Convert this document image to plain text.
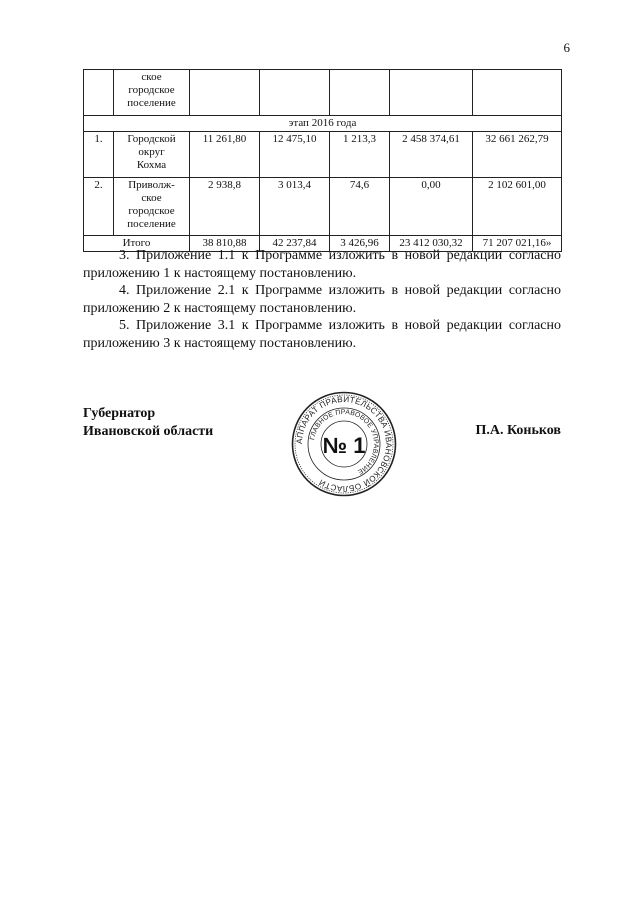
6
	ское
городское
поселение					
этап 2016 года						
1.	Городской
округ
Кохма	11 261,80	12 475,10	1 213,3	2 458 374,61	32 661 262,79
2.	Приволж-
ское
городское
поселение	2 938,8	3 013,4	74,6	0,00	2 102 601,00
Итого		38 810,88	42 237,84	3 426,96	23 412 030,32	71 207 021,16»

3. Приложение 1.1 к Программе изложить в новой редакции согласно приложению 1 к настоящему постановлению.

4. Приложение 2.1 к Программе изложить в новой редакции согласно приложению 2 к настоящему постановлению.

5. Приложение 3.1 к Программе изложить в новой редакции согласно приложению 3 к настоящему постановлению.

Губернатор
Ивановской области	П.А. Коньков
АППАРАТ ПРАВИТЕЛЬСТВА ИВАНОВСКОЙ ОБЛАСТИ
ГЛАВНОЕ ПРАВОВОЕ УПРАВЛЕНИЕ
№ 1
